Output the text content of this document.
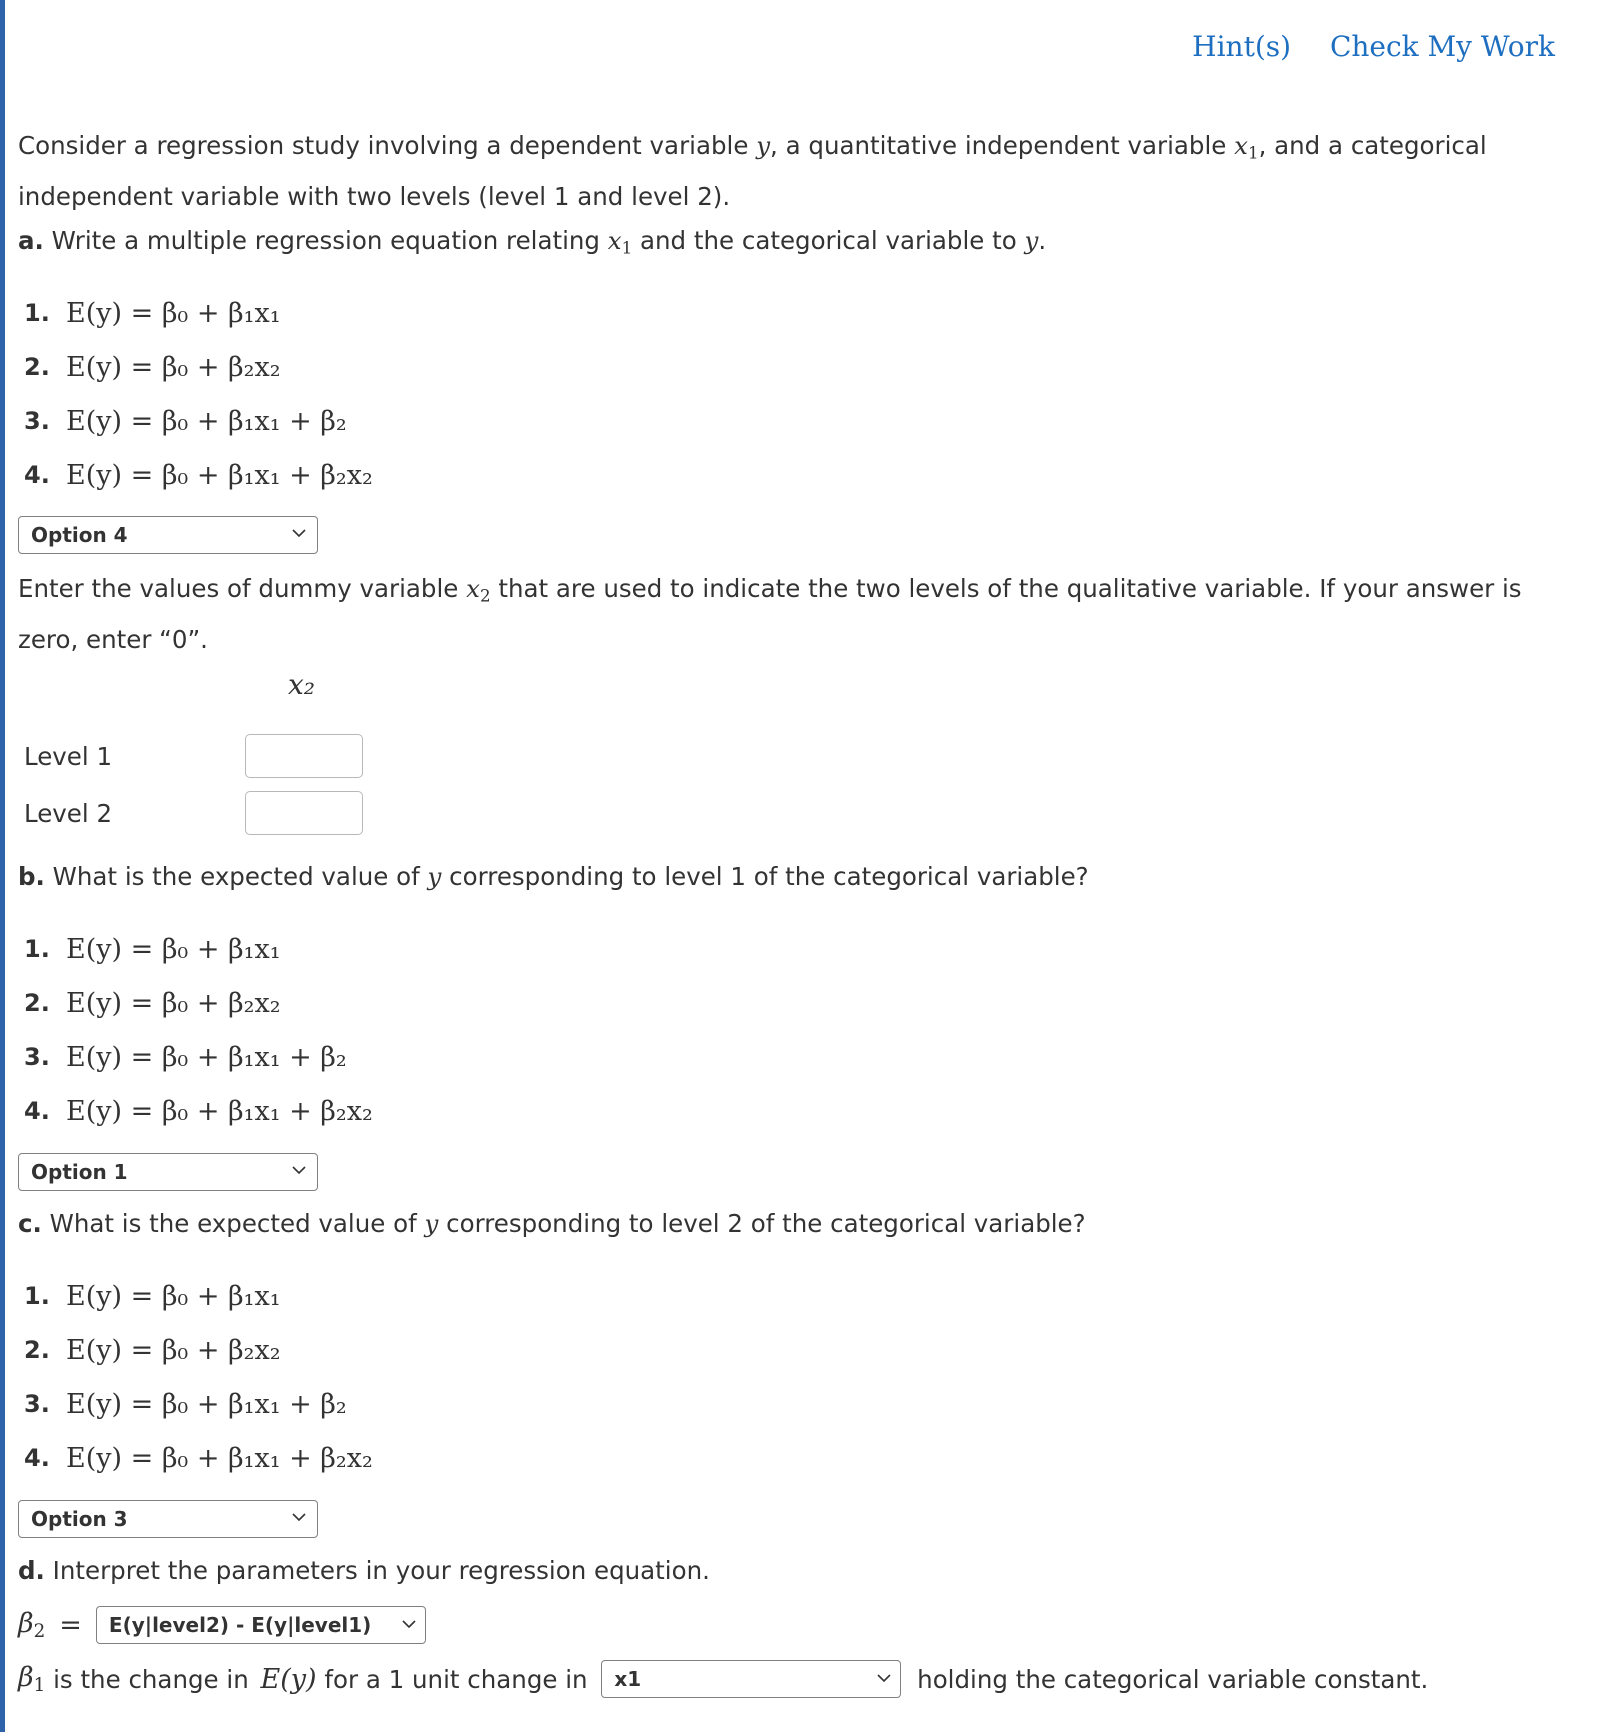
Hint(s) Check My Work
Consider a regression study involving a dependent variable y, a quantitative independent variable $x_1$, and a categorical independent variable with two levels (level 1 and level 2).
a. Write a multiple regression equation relating $x_1$ and the categorical variable to y.
1. E(y) = β₀ + β₁x₁
2. E(y) = β₀ + β₂x₂
3. E(y) = β₀ + β₁x₁ + β₂
4. E(y) = β₀ + β₁x₁ + β₂x₂
Option 4
Enter the values of dummy variable $x_2$ that are used to indicate the two levels of the qualitative variable. If your answer is zero, enter “0”.
x₂
Level 1
Level 2
b. What is the expected value of y corresponding to level 1 of the categorical variable?
1. E(y) = β₀ + β₁x₁
2. E(y) = β₀ + β₂x₂
3. E(y) = β₀ + β₁x₁ + β₂
4. E(y) = β₀ + β₁x₁ + β₂x₂
Option 1
c. What is the expected value of y corresponding to level 2 of the categorical variable?
1. E(y) = β₀ + β₁x₁
2. E(y) = β₀ + β₂x₂
3. E(y) = β₀ + β₁x₁ + β₂
4. E(y) = β₀ + β₁x₁ + β₂x₂
Option 3
d. Interpret the parameters in your regression equation.
$\beta_2$ = E(y|level2) - E(y|level1)
$\beta_1$ is the change in E(y) for a 1 unit change in x1	holding the categorical variable constant.
